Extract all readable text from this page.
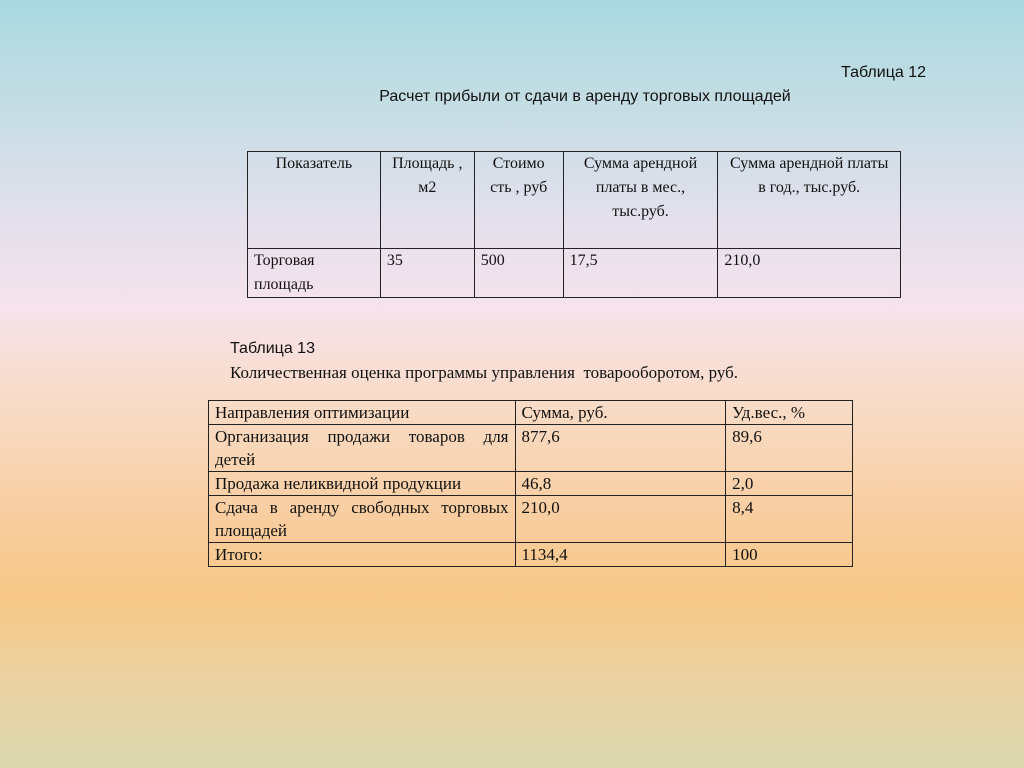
Таблица 12
Расчет прибыли от сдачи в аренду торговых площадей
Показатель	Площадь , м2	Стоимо сть , руб	Сумма арендной платы в мес., тыс.руб.	Сумма арендной платы в год., тыс.руб.
Торговая площадь	35	500	17,5	210,0
Таблица 13
Количественная оценка программы управления  товарооборотом, руб.
Направления оптимизации	Сумма, руб.	Уд.вес., %
Организация продажи товаров для детей	877,6	89,6
Продажа неликвидной продукции	46,8	2,0
Сдача в аренду свободных торговых площадей	210,0	8,4
Итого:	1134,4	100
